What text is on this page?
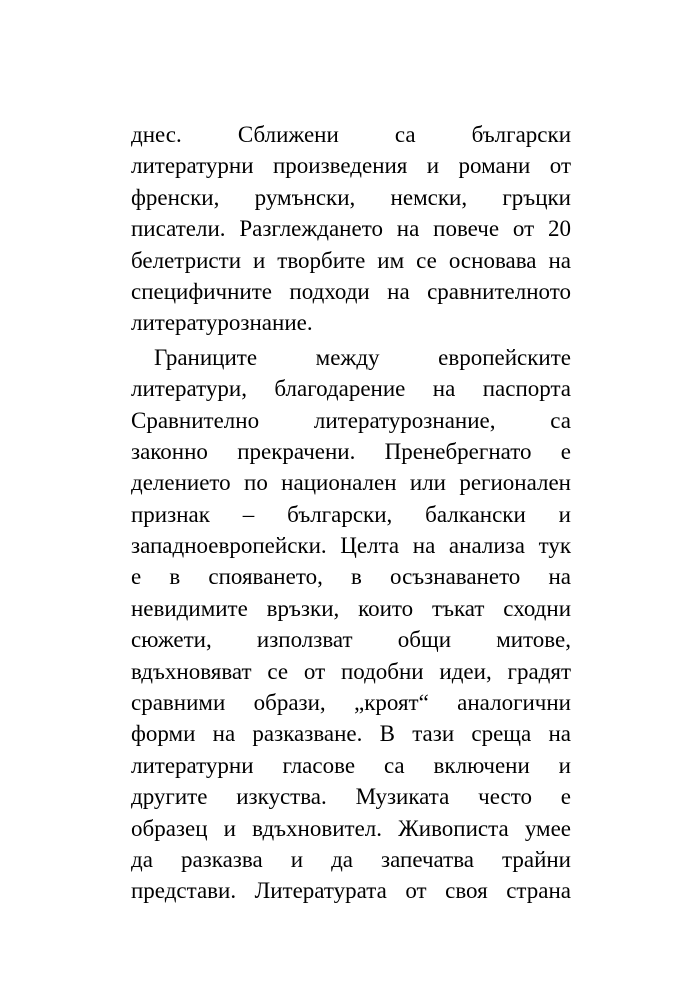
днес. Сближени са български
литературни произведения и романи от
френски, румънски, немски, гръцки
писатели. Разглеждането на повече от 20
белетристи и творбите им се основава на
специфичните подходи на сравнителното
литературознание.
Границите между европейските
литератури, благодарение на паспорта
Сравнително литературознание, са
законно прекрачени. Пренебрегнато е
делението по национален или регионален
признак – български, балкански и
западноевропейски. Целта на анализа тук
е в спояването, в осъзнаването на
невидимите връзки, които тъкат сходни
сюжети, използват общи митове,
вдъхновяват се от подобни идеи, градят
сравними образи, „кроят“ аналогични
форми на разказване. В тази среща на
литературни гласове са включени и
другите изкуства. Музиката често е
образец и вдъхновител. Живописта умее
да разказва и да запечатва трайни
представи. Литературата от своя страна
